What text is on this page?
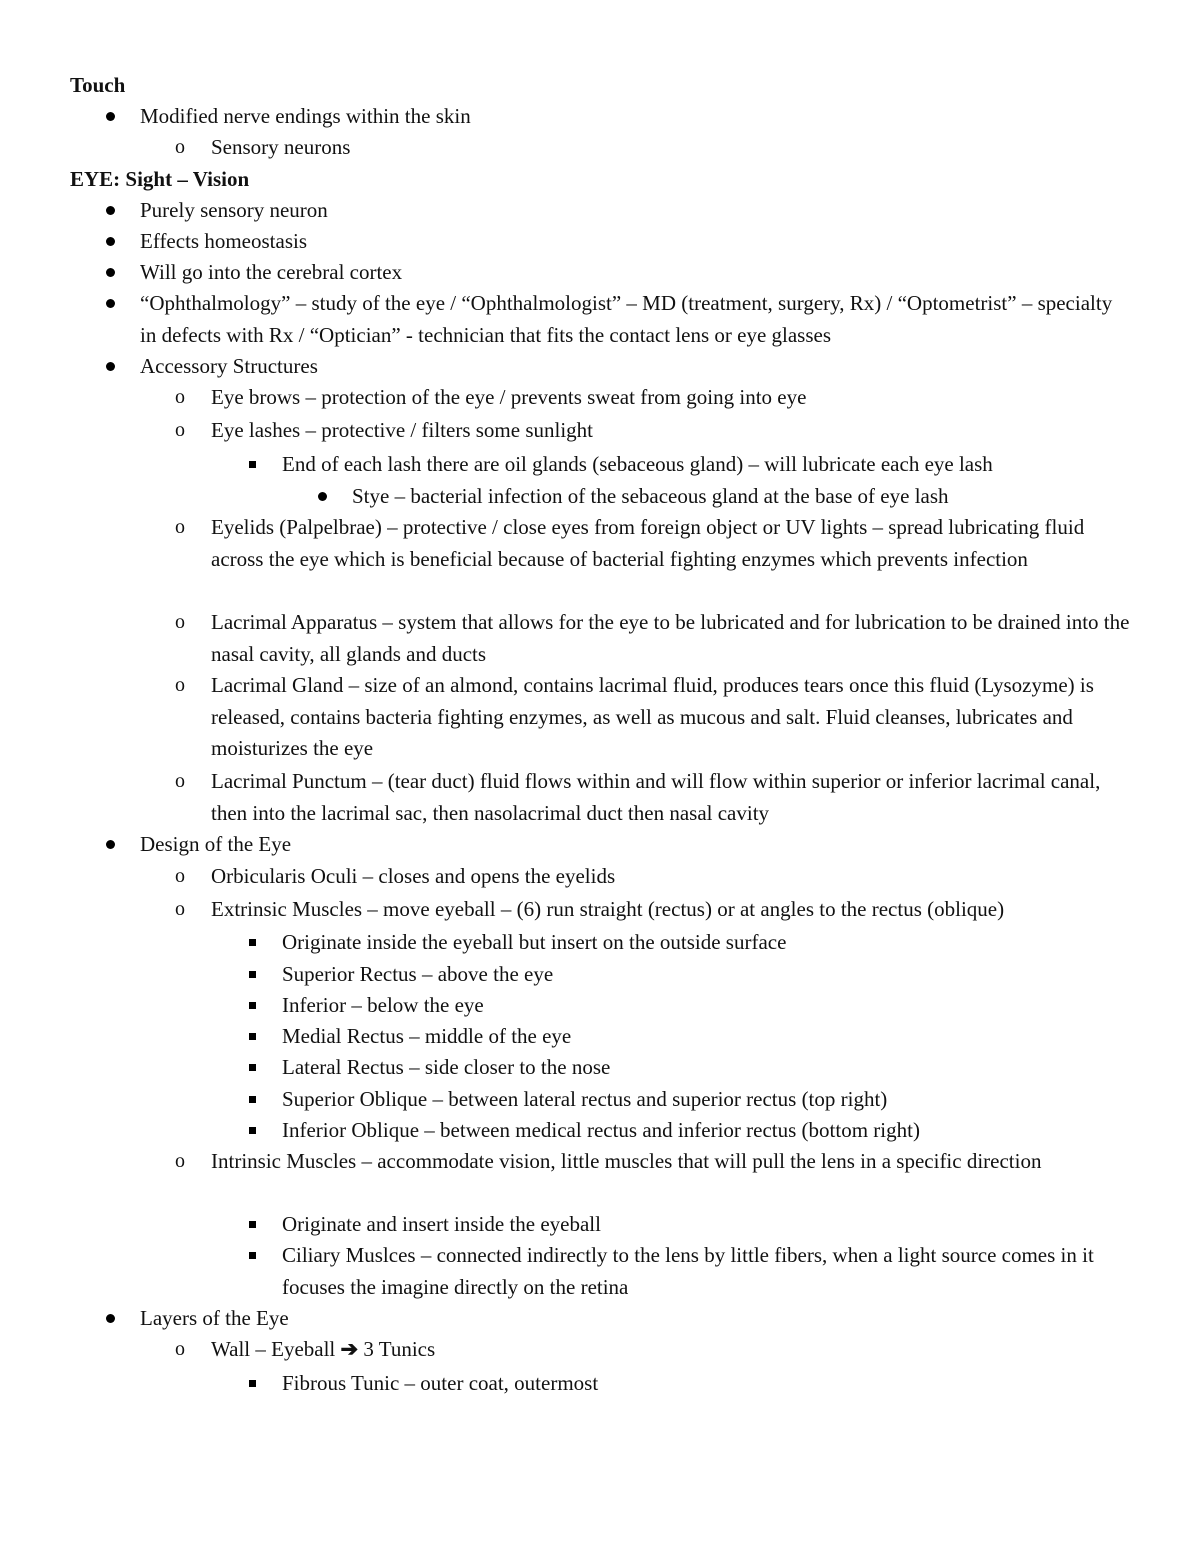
Touch
Modified nerve endings within the skin
o Sensory neurons
EYE: Sight – Vision
Purely sensory neuron
Effects homeostasis
Will go into the cerebral cortex
“Ophthalmology” – study of the eye / “Ophthalmologist” – MD (treatment, surgery, Rx) / “Optometrist” – specialty in defects with Rx / “Optician” - technician that fits the contact lens or eye glasses
Accessory Structures
o Eye brows – protection of the eye / prevents sweat from going into eye
o Eye lashes – protective / filters some sunlight
End of each lash there are oil glands (sebaceous gland) – will lubricate each eye lash
Stye – bacterial infection of the sebaceous gland at the base of eye lash
o Eyelids (Palpelbrae) – protective / close eyes from foreign object or UV lights – spread lubricating fluid across the eye which is beneficial because of bacterial fighting enzymes which prevents infection
o Lacrimal Apparatus – system that allows for the eye to be lubricated and for lubrication to be drained into the nasal cavity, all glands and ducts
o Lacrimal Gland – size of an almond, contains lacrimal fluid, produces tears once this fluid (Lysozyme) is released, contains bacteria fighting enzymes, as well as mucous and salt. Fluid cleanses, lubricates and moisturizes the eye
o Lacrimal Punctum – (tear duct) fluid flows within and will flow within superior or inferior lacrimal canal, then into the lacrimal sac, then nasolacrimal duct then nasal cavity
Design of the Eye
o Orbicularis Oculi – closes and opens the eyelids
o Extrinsic Muscles – move eyeball – (6) run straight (rectus) or at angles to the rectus (oblique)
Originate inside the eyeball but insert on the outside surface
Superior Rectus – above the eye
Inferior – below the eye
Medial Rectus – middle of the eye
Lateral Rectus – side closer to the nose
Superior Oblique – between lateral rectus and superior rectus (top right)
Inferior Oblique – between medical rectus and inferior rectus (bottom right)
o Intrinsic Muscles – accommodate vision, little muscles that will pull the lens in a specific direction
Originate and insert inside the eyeball
Ciliary Muslces – connected indirectly to the lens by little fibers, when a light source comes in it focuses the imagine directly on the retina
Layers of the Eye
o Wall – Eyeball ➔ 3 Tunics
Fibrous Tunic – outer coat, outermost
